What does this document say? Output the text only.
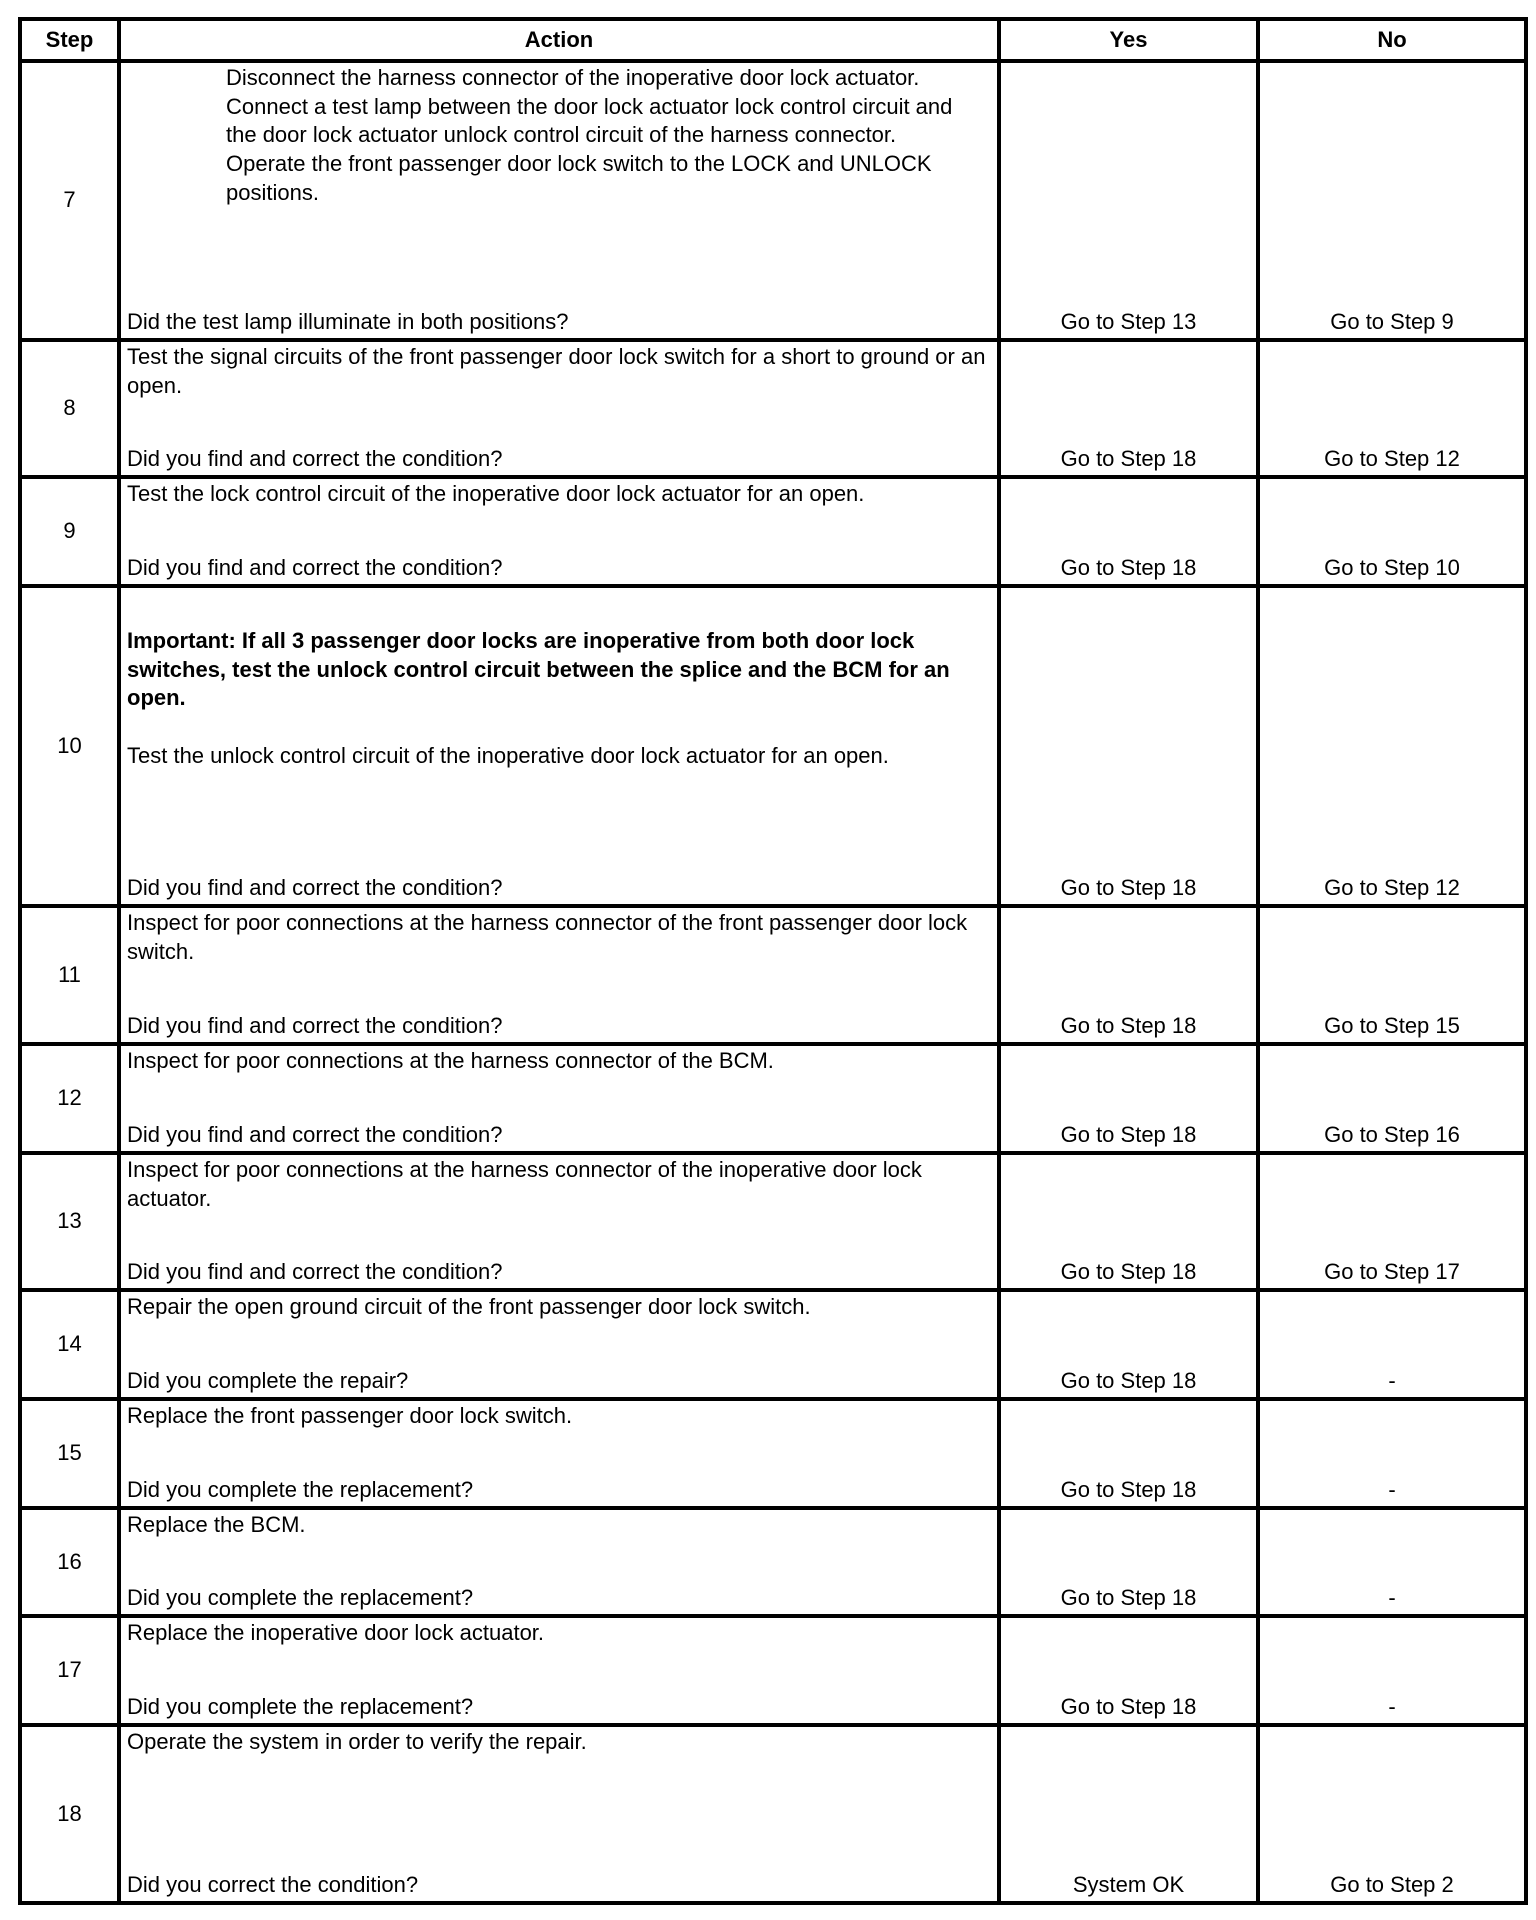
Step	Action	Yes	No
7	Disconnect the harness connector of the inoperative door lock actuator.
Connect a test lamp between the door lock actuator lock control circuit and the door lock actuator unlock control circuit of the harness connector.
Operate the front passenger door lock switch to the LOCK and UNLOCK positions.
Did the test lamp illuminate in both positions?	Go to Step 13	Go to Step 9
8	Test the signal circuits of the front passenger door lock switch for a short to ground or an open.
Did you find and correct the condition?	Go to Step 18	Go to Step 12
9	Test the lock control circuit of the inoperative door lock actuator for an open.
Did you find and correct the condition?	Go to Step 18	Go to Step 10
10	Important: If all 3 passenger door locks are inoperative from both door lock switches, test the unlock control circuit between the splice and the BCM for an open.
Test the unlock control circuit of the inoperative door lock actuator for an open.
Did you find and correct the condition?	Go to Step 18	Go to Step 12
11	Inspect for poor connections at the harness connector of the front passenger door lock switch.
Did you find and correct the condition?	Go to Step 18	Go to Step 15
12	Inspect for poor connections at the harness connector of the BCM.
Did you find and correct the condition?	Go to Step 18	Go to Step 16
13	Inspect for poor connections at the harness connector of the inoperative door lock actuator.
Did you find and correct the condition?	Go to Step 18	Go to Step 17
14	Repair the open ground circuit of the front passenger door lock switch.
Did you complete the repair?	Go to Step 18	-
15	Replace the front passenger door lock switch.
Did you complete the replacement?	Go to Step 18	-
16	Replace the BCM.
Did you complete the replacement?	Go to Step 18	-
17	Replace the inoperative door lock actuator.
Did you complete the replacement?	Go to Step 18	-
18	Operate the system in order to verify the repair.
Did you correct the condition?	System OK	Go to Step 2
